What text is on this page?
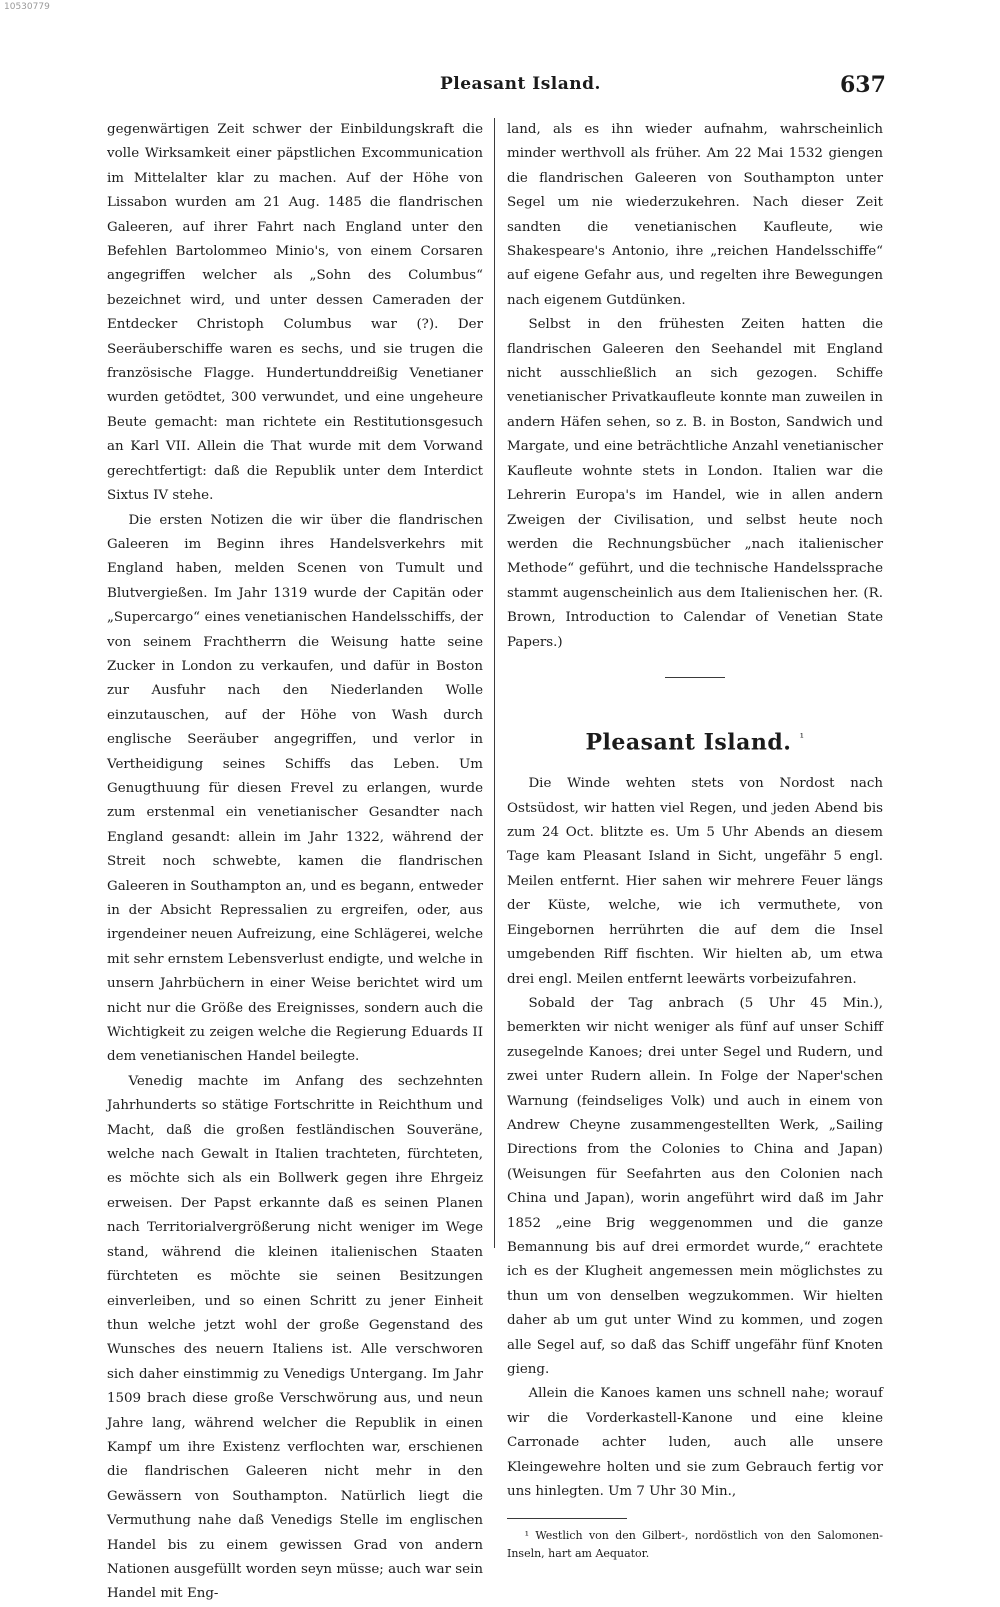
10530779
Pleasant Island.	637

gegenwärtigen Zeit schwer der Einbildungskraft die volle Wirksamkeit einer päpstlichen Excommunication im Mittelalter klar zu machen. Auf der Höhe von Lissabon wurden am 21 Aug. 1485 die flandrischen Galeeren, auf ihrer Fahrt nach England unter den Befehlen Bartolommeo Minio's, von einem Corsaren angegriffen welcher als „Sohn des Columbus“ bezeichnet wird, und unter dessen Cameraden der Entdecker Christoph Columbus war (?). Der Seeräuberschiffe waren es sechs, und sie trugen die französische Flagge. Hundertunddreißig Venetianer wurden getödtet, 300 verwundet, und eine ungeheure Beute gemacht: man richtete ein Restitutionsgesuch an Karl VII. Allein die That wurde mit dem Vorwand gerechtfertigt: daß die Republik unter dem Interdict Sixtus IV stehe.

Die ersten Notizen die wir über die flandrischen Galeeren im Beginn ihres Handelsverkehrs mit England haben, melden Scenen von Tumult und Blutvergießen. Im Jahr 1319 wurde der Capitän oder „Supercargo“ eines venetianischen Handelsschiffs, der von seinem Frachtherrn die Weisung hatte seine Zucker in London zu verkaufen, und dafür in Boston zur Ausfuhr nach den Niederlanden Wolle einzutauschen, auf der Höhe von Wash durch englische Seeräuber angegriffen, und verlor in Vertheidigung seines Schiffs das Leben. Um Genugthuung für diesen Frevel zu erlangen, wurde zum erstenmal ein venetianischer Gesandter nach England gesandt: allein im Jahr 1322, während der Streit noch schwebte, kamen die flandrischen Galeeren in Southampton an, und es begann, entweder in der Absicht Repressalien zu ergreifen, oder, aus irgendeiner neuen Aufreizung, eine Schlägerei, welche mit sehr ernstem Lebensverlust endigte, und welche in unsern Jahrbüchern in einer Weise berichtet wird um nicht nur die Größe des Ereignisses, sondern auch die Wichtigkeit zu zeigen welche die Regierung Eduards II dem venetianischen Handel beilegte.

Venedig machte im Anfang des sechzehnten Jahrhunderts so stätige Fortschritte in Reichthum und Macht, daß die großen festländischen Souveräne, welche nach Gewalt in Italien trachteten, fürchteten, es möchte sich als ein Bollwerk gegen ihre Ehrgeiz erweisen. Der Papst erkannte daß es seinen Planen nach Territorialvergrößerung nicht weniger im Wege stand, während die kleinen italienischen Staaten fürchteten es möchte sie seinen Besitzungen einverleiben, und so einen Schritt zu jener Einheit thun welche jetzt wohl der große Gegenstand des Wunsches des neuern Italiens ist. Alle verschworen sich daher einstimmig zu Venedigs Untergang. Im Jahr 1509 brach diese große Verschwörung aus, und neun Jahre lang, während welcher die Republik in einen Kampf um ihre Existenz verflochten war, erschienen die flandrischen Galeeren nicht mehr in den Gewässern von Southampton. Natürlich liegt die Vermuthung nahe daß Venedigs Stelle im englischen Handel bis zu einem gewissen Grad von andern Nationen ausgefüllt worden seyn müsse; auch war sein Handel mit Eng-

land, als es ihn wieder aufnahm, wahrscheinlich minder werthvoll als früher. Am 22 Mai 1532 giengen die flandrischen Galeeren von Southampton unter Segel um nie wiederzukehren. Nach dieser Zeit sandten die venetianischen Kaufleute, wie Shakespeare's Antonio, ihre „reichen Handelsschiffe“ auf eigene Gefahr aus, und regelten ihre Bewegungen nach eigenem Gutdünken.

Selbst in den frühesten Zeiten hatten die flandrischen Galeeren den Seehandel mit England nicht ausschließlich an sich gezogen. Schiffe venetianischer Privatkaufleute konnte man zuweilen in andern Häfen sehen, so z. B. in Boston, Sandwich und Margate, und eine beträchtliche Anzahl venetianischer Kaufleute wohnte stets in London. Italien war die Lehrerin Europa's im Handel, wie in allen andern Zweigen der Civilisation, und selbst heute noch werden die Rechnungsbücher „nach italienischer Methode“ geführt, und die technische Handelssprache stammt augenscheinlich aus dem Italienischen her. (R. Brown, Introduction to Calendar of Venetian State Papers.)

Pleasant Island. $^{^1}$

Die Winde wehten stets von Nordost nach Ostsüdost, wir hatten viel Regen, und jeden Abend bis zum 24 Oct. blitzte es. Um 5 Uhr Abends an diesem Tage kam Pleasant Island in Sicht, ungefähr 5 engl. Meilen entfernt. Hier sahen wir mehrere Feuer längs der Küste, welche, wie ich vermuthete, von Eingebornen herrührten die auf dem die Insel umgebenden Riff fischten. Wir hielten ab, um etwa drei engl. Meilen entfernt leewärts vorbeizufahren.

Sobald der Tag anbrach (5 Uhr 45 Min.), bemerkten wir nicht weniger als fünf auf unser Schiff zusegelnde Kanoes; drei unter Segel und Rudern, und zwei unter Rudern allein. In Folge der Naper'schen Warnung (feindseliges Volk) und auch in einem von Andrew Cheyne zusammengestellten Werk, „Sailing Directions from the Colonies to China and Japan) (Weisungen für Seefahrten aus den Colonien nach China und Japan), worin angeführt wird daß im Jahr 1852 „eine Brig weggenommen und die ganze Bemannung bis auf drei ermordet wurde,“ erachtete ich es der Klugheit angemessen mein möglichstes zu thun um von denselben wegzukommen. Wir hielten daher ab um gut unter Wind zu kommen, und zogen alle Segel auf, so daß das Schiff ungefähr fünf Knoten gieng.

Allein die Kanoes kamen uns schnell nahe; worauf wir die Vorderkastell-Kanone und eine kleine Carronade achter luden, auch alle unsere Kleingewehre holten und sie zum Gebrauch fertig vor uns hinlegten. Um 7 Uhr 30 Min.,

¹ Westlich von den Gilbert-, nordöstlich von den Salomonen-Inseln, hart am Aequator.
